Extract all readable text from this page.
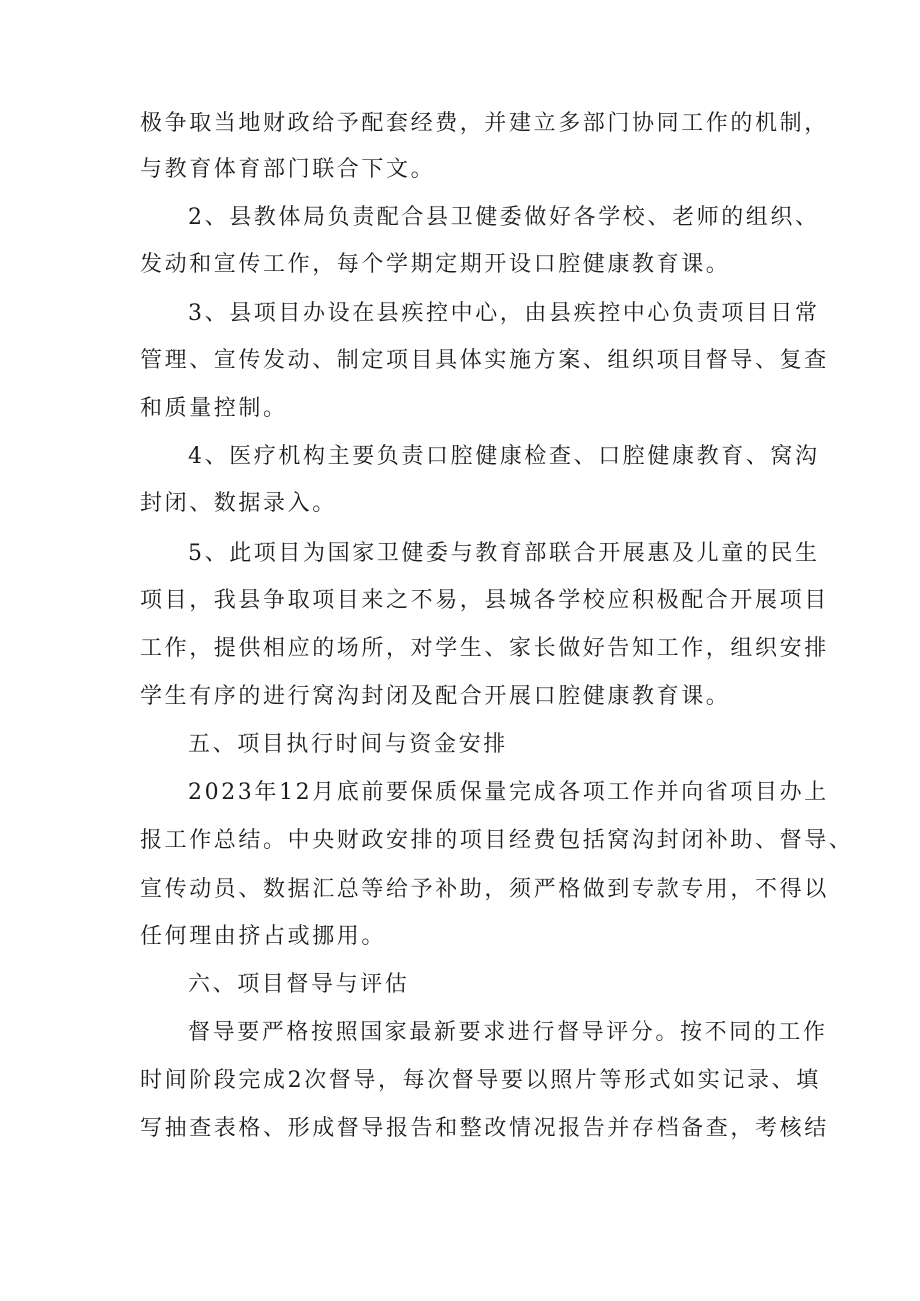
极争取当地财政给予配套经费，并建立多部门协同工作的机制，
与教育体育部门联合下文。
2、县教体局负责配合县卫健委做好各学校、老师的组织、
发动和宣传工作，每个学期定期开设口腔健康教育课。
3、县项目办设在县疾控中心，由县疾控中心负责项目日常
管理、宣传发动、制定项目具体实施方案、组织项目督导、复查
和质量控制。
4、医疗机构主要负责口腔健康检查、口腔健康教育、窝沟
封闭、数据录入。
5、此项目为国家卫健委与教育部联合开展惠及儿童的民生
项目，我县争取项目来之不易，县城各学校应积极配合开展项目
工作，提供相应的场所，对学生、家长做好告知工作，组织安排
学生有序的进行窝沟封闭及配合开展口腔健康教育课。
五、项目执行时间与资金安排
2023年12月底前要保质保量完成各项工作并向省项目办上
报工作总结。中央财政安排的项目经费包括窝沟封闭补助、督导、
宣传动员、数据汇总等给予补助，须严格做到专款专用，不得以
任何理由挤占或挪用。
六、项目督导与评估
督导要严格按照国家最新要求进行督导评分。按不同的工作
时间阶段完成2次督导，每次督导要以照片等形式如实记录、填
写抽查表格、形成督导报告和整改情况报告并存档备查，考核结
